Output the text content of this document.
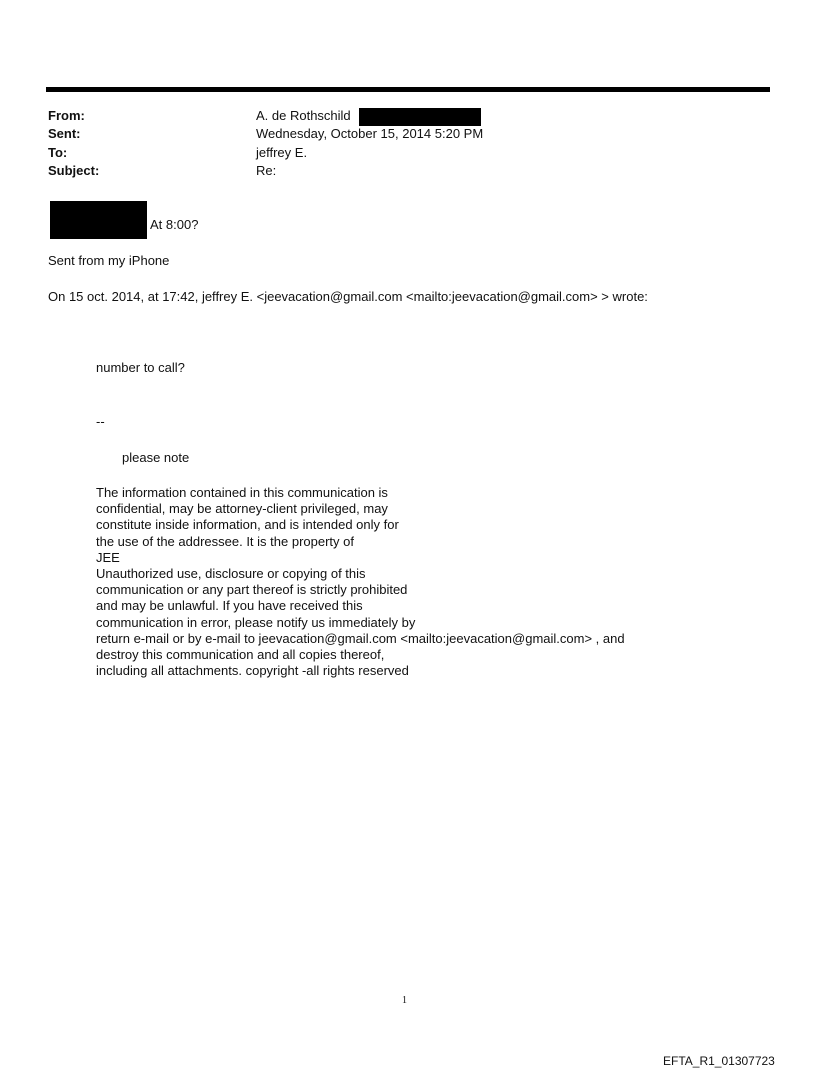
From:	A. de Rothschild
Sent:	Wednesday, October 15, 2014 5:20 PM
To:	jeffrey E.
Subject:	Re:
At 8:00?
Sent from my iPhone
On 15 oct. 2014, at 17:42, jeffrey E. <jeevacation@gmail.com <mailto:jeevacation@gmail.com> > wrote:
number to call?
--
please note
The information contained in this communication is
confidential, may be attorney-client privileged, may
constitute inside information, and is intended only for
the use of the addressee. It is the property of
JEE
Unauthorized use, disclosure or copying of this
communication or any part thereof is strictly prohibited
and may be unlawful. If you have received this
communication in error, please notify us immediately by
return e-mail or by e-mail to jeevacation@gmail.com <mailto:jeevacation@gmail.com> , and
destroy this communication and all copies thereof,
including all attachments. copyright -all rights reserved
1
EFTA_R1_01307723
